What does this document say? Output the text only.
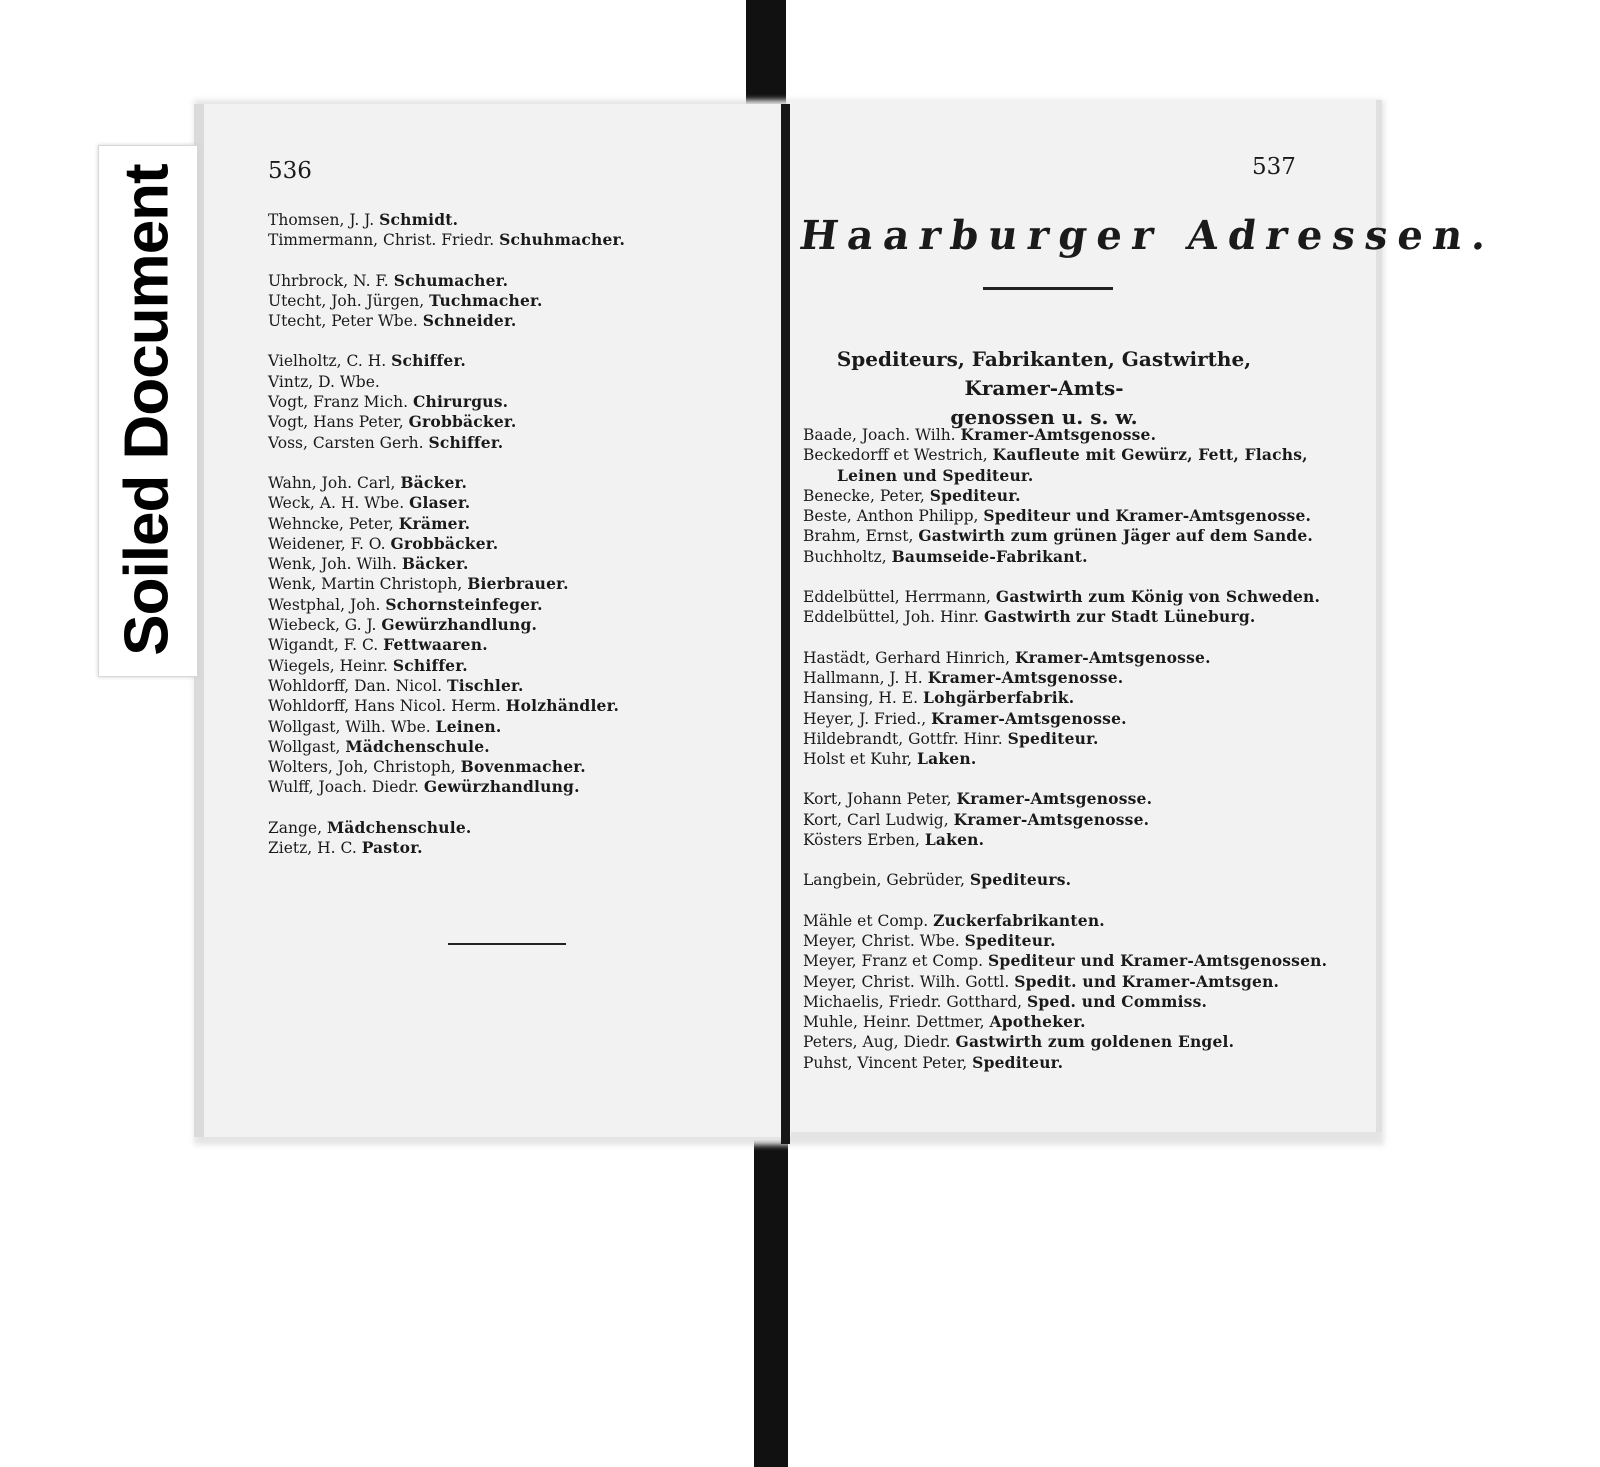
536	537
Thomsen, J. J. Schmidt.
Timmermann, Christ. Friedr. Schuhmacher.
Uhrbrock, N. F. Schumacher.
Utecht, Joh. Jürgen, Tuchmacher.
Utecht, Peter Wbe. Schneider.
Vielholtz, C. H. Schiffer.
Vintz, D. Wbe.
Vogt, Franz Mich. Chirurgus.
Vogt, Hans Peter, Grobbäcker.
Voss, Carsten Gerh. Schiffer.
Wahn, Joh. Carl, Bäcker.
Weck, A. H. Wbe. Glaser.
Wehncke, Peter, Krämer.
Weidener, F. O. Grobbäcker.
Wenk, Joh. Wilh. Bäcker.
Wenk, Martin Christoph, Bierbrauer.
Westphal, Joh. Schornsteinfeger.
Wiebeck, G. J. Gewürzhandlung.
Wigandt, F. C. Fettwaaren.
Wiegels, Heinr. Schiffer.
Wohldorff, Dan. Nicol. Tischler.
Wohldorff, Hans Nicol. Herm. Holzhändler.
Wollgast, Wilh. Wbe. Leinen.
Wollgast, Mädchenschule.
Wolters, Joh, Christoph, Bovenmacher.
Wulff, Joach. Diedr. Gewürzhandlung.
Zange, Mädchenschule.
Zietz, H. C. Pastor.
Haarburger Adressen.
Spediteurs, Fabrikanten, Gastwirthe, Kramer-Amts-
genossen u. s. w.
Baade, Joach. Wilh. Kramer-Amtsgenosse.
Beckedorff et Westrich, Kaufleute mit Gewürz, Fett, Flachs,
Leinen und Spediteur.
Benecke, Peter, Spediteur.
Beste, Anthon Philipp, Spediteur und Kramer-Amtsgenosse.
Brahm, Ernst, Gastwirth zum grünen Jäger auf dem Sande.
Buchholtz, Baumseide-Fabrikant.
Eddelbüttel, Herrmann, Gastwirth zum König von Schweden.
Eddelbüttel, Joh. Hinr. Gastwirth zur Stadt Lüneburg.
Hastädt, Gerhard Hinrich, Kramer-Amtsgenosse.
Hallmann, J. H. Kramer-Amtsgenosse.
Hansing, H. E. Lohgärberfabrik.
Heyer, J. Fried., Kramer-Amtsgenosse.
Hildebrandt, Gottfr. Hinr. Spediteur.
Holst et Kuhr, Laken.
Kort, Johann Peter, Kramer-Amtsgenosse.
Kort, Carl Ludwig, Kramer-Amtsgenosse.
Kösters Erben, Laken.
Langbein, Gebrüder, Spediteurs.
Mähle et Comp. Zuckerfabrikanten.
Meyer, Christ. Wbe. Spediteur.
Meyer, Franz et Comp. Spediteur und Kramer-Amtsgenossen.
Meyer, Christ. Wilh. Gottl. Spedit. und Kramer-Amtsgen.
Michaelis, Friedr. Gotthard, Sped. und Commiss.
Muhle, Heinr. Dettmer, Apotheker.
Peters, Aug, Diedr. Gastwirth zum goldenen Engel.
Puhst, Vincent Peter, Spediteur.
Soiled Document
